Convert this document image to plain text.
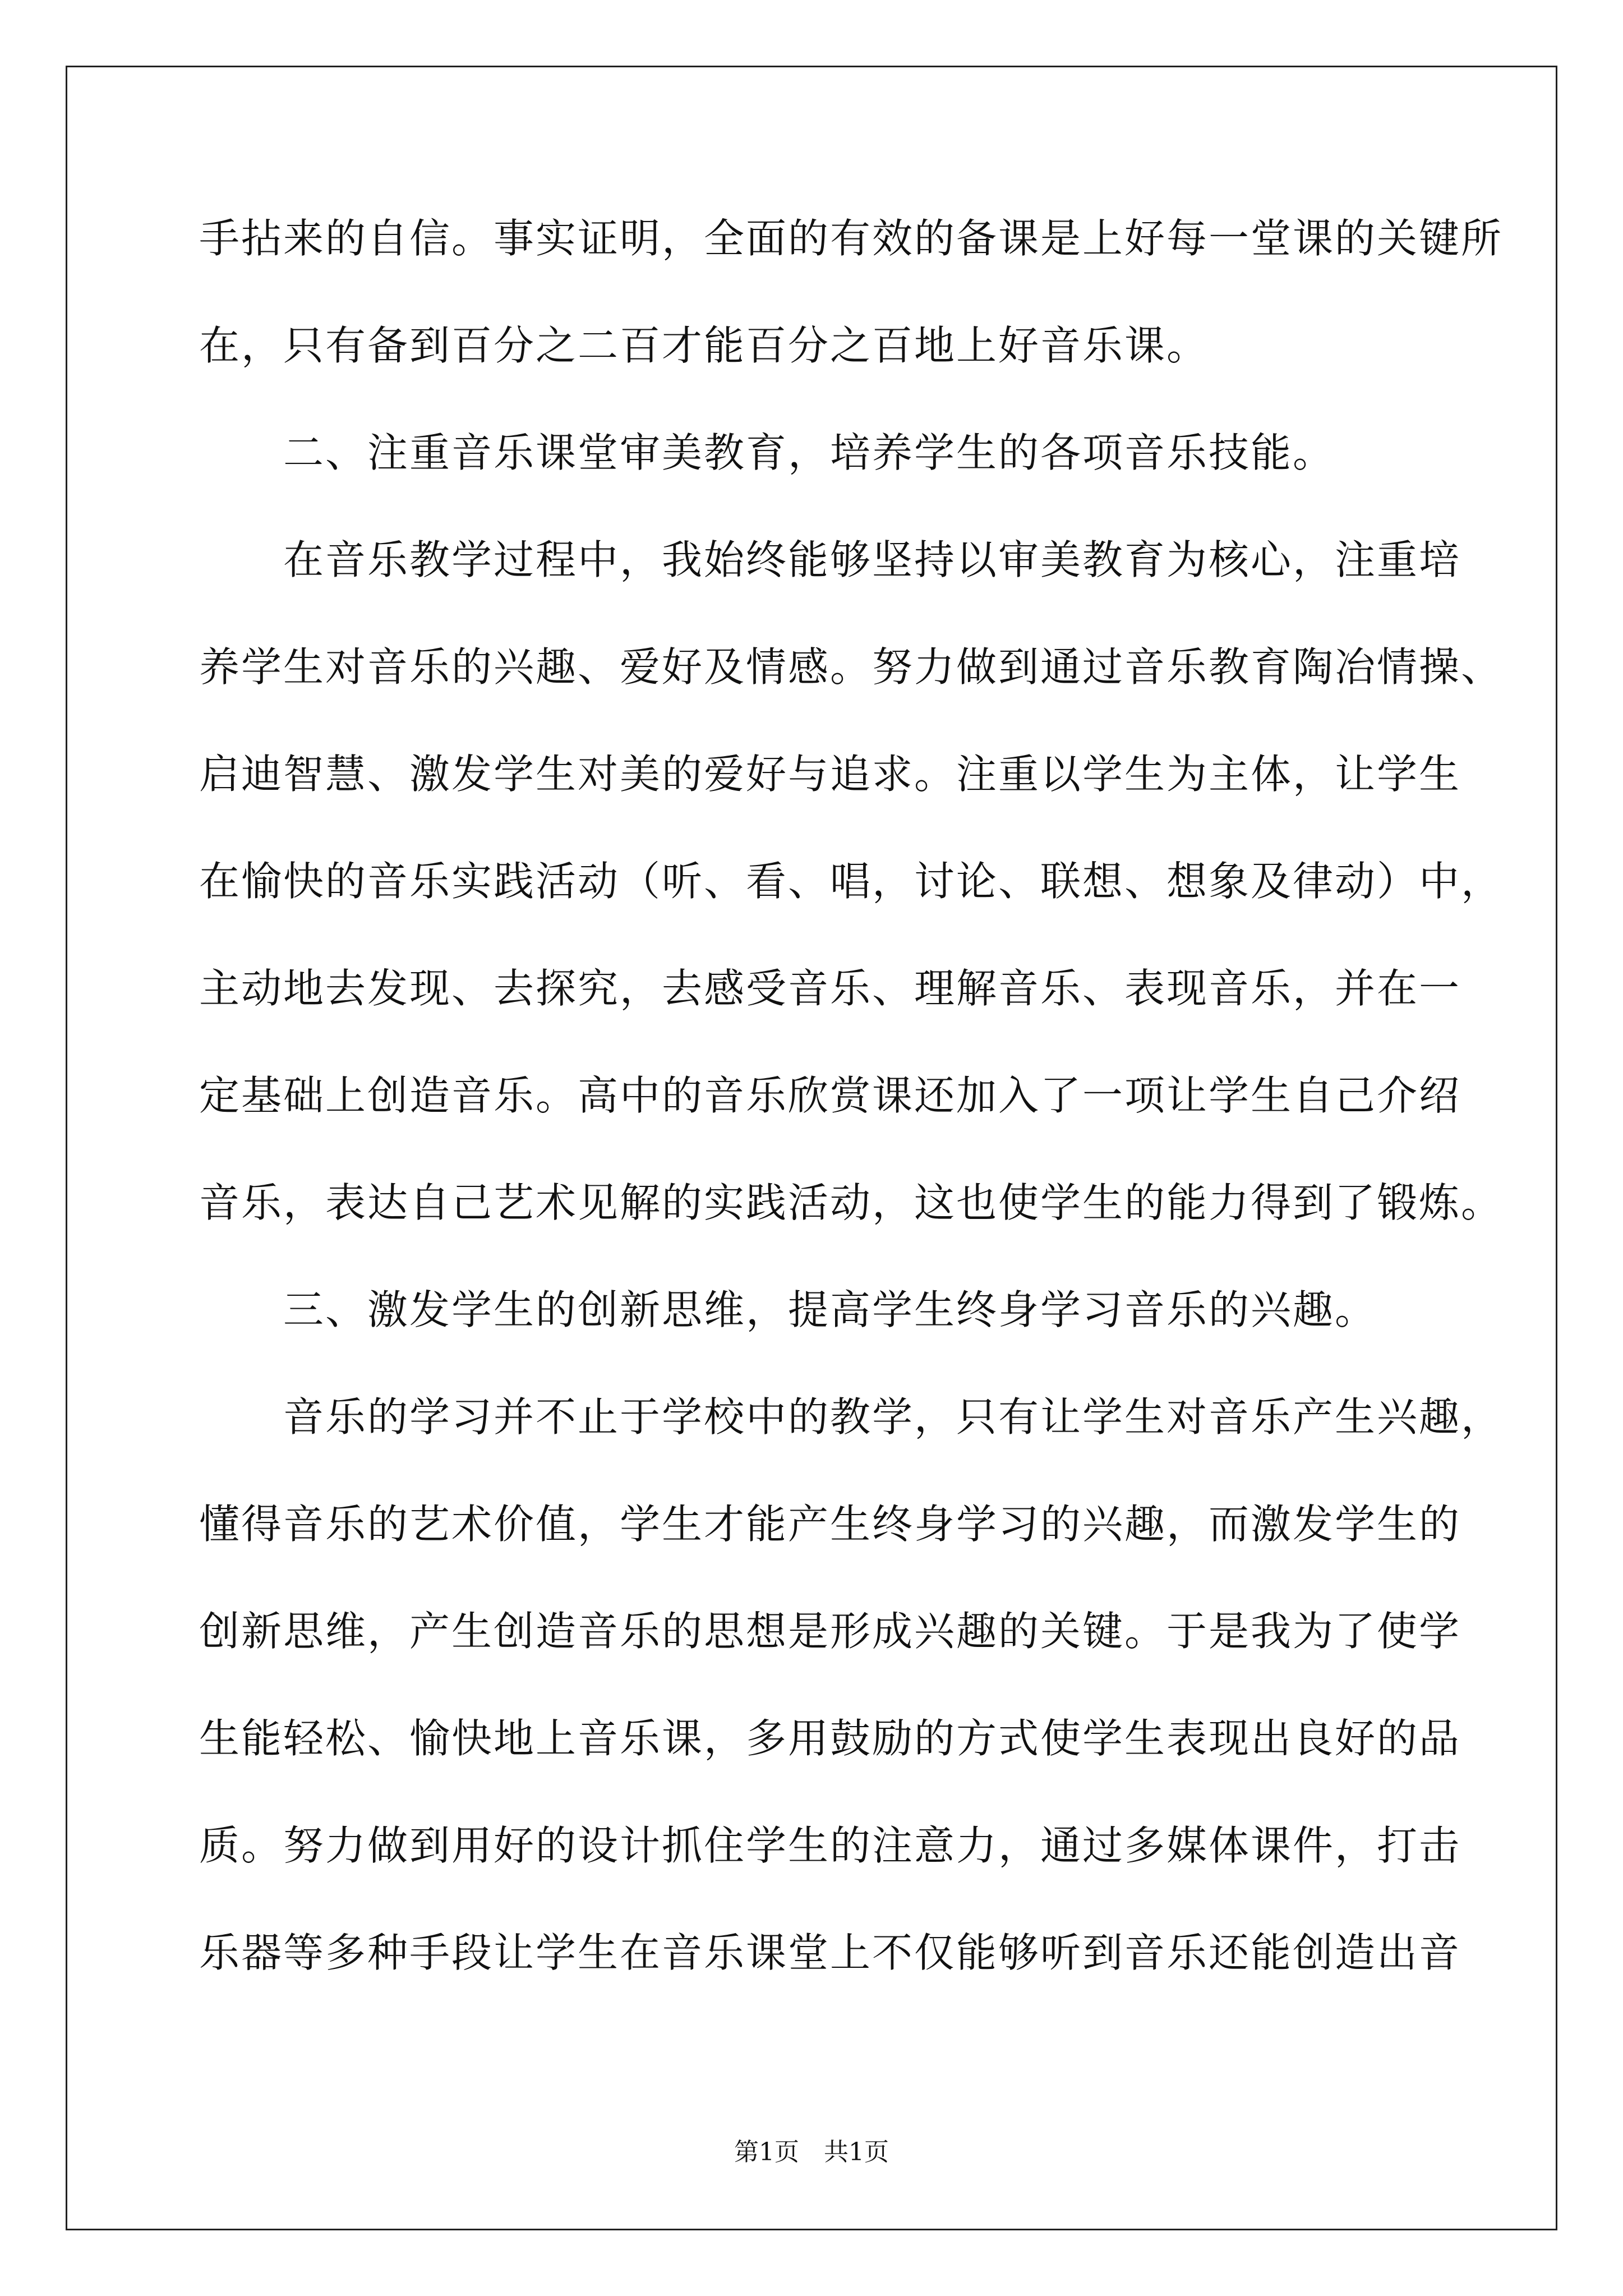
手拈来的自信。事实证明，全面的有效的备课是上好每一堂课的关键所
在，只有备到百分之二百才能百分之百地上好音乐课。
　　二、注重音乐课堂审美教育，培养学生的各项音乐技能。
　　在音乐教学过程中，我始终能够坚持以审美教育为核心，注重培
养学生对音乐的兴趣、爱好及情感。努力做到通过音乐教育陶冶情操、
启迪智慧、激发学生对美的爱好与追求。注重以学生为主体，让学生
在愉快的音乐实践活动（听、看、唱，讨论、联想、想象及律动）中，
主动地去发现、去探究，去感受音乐、理解音乐、表现音乐，并在一
定基础上创造音乐。高中的音乐欣赏课还加入了一项让学生自己介绍
音乐，表达自己艺术见解的实践活动，这也使学生的能力得到了锻炼。
　　三、激发学生的创新思维，提高学生终身学习音乐的兴趣。
　　音乐的学习并不止于学校中的教学，只有让学生对音乐产生兴趣，
懂得音乐的艺术价值，学生才能产生终身学习的兴趣，而激发学生的
创新思维，产生创造音乐的思想是形成兴趣的关键。于是我为了使学
生能轻松、愉快地上音乐课，多用鼓励的方式使学生表现出良好的品
质。努力做到用好的设计抓住学生的注意力，通过多媒体课件，打击
乐器等多种手段让学生在音乐课堂上不仅能够听到音乐还能创造出音
第1页　共1页
